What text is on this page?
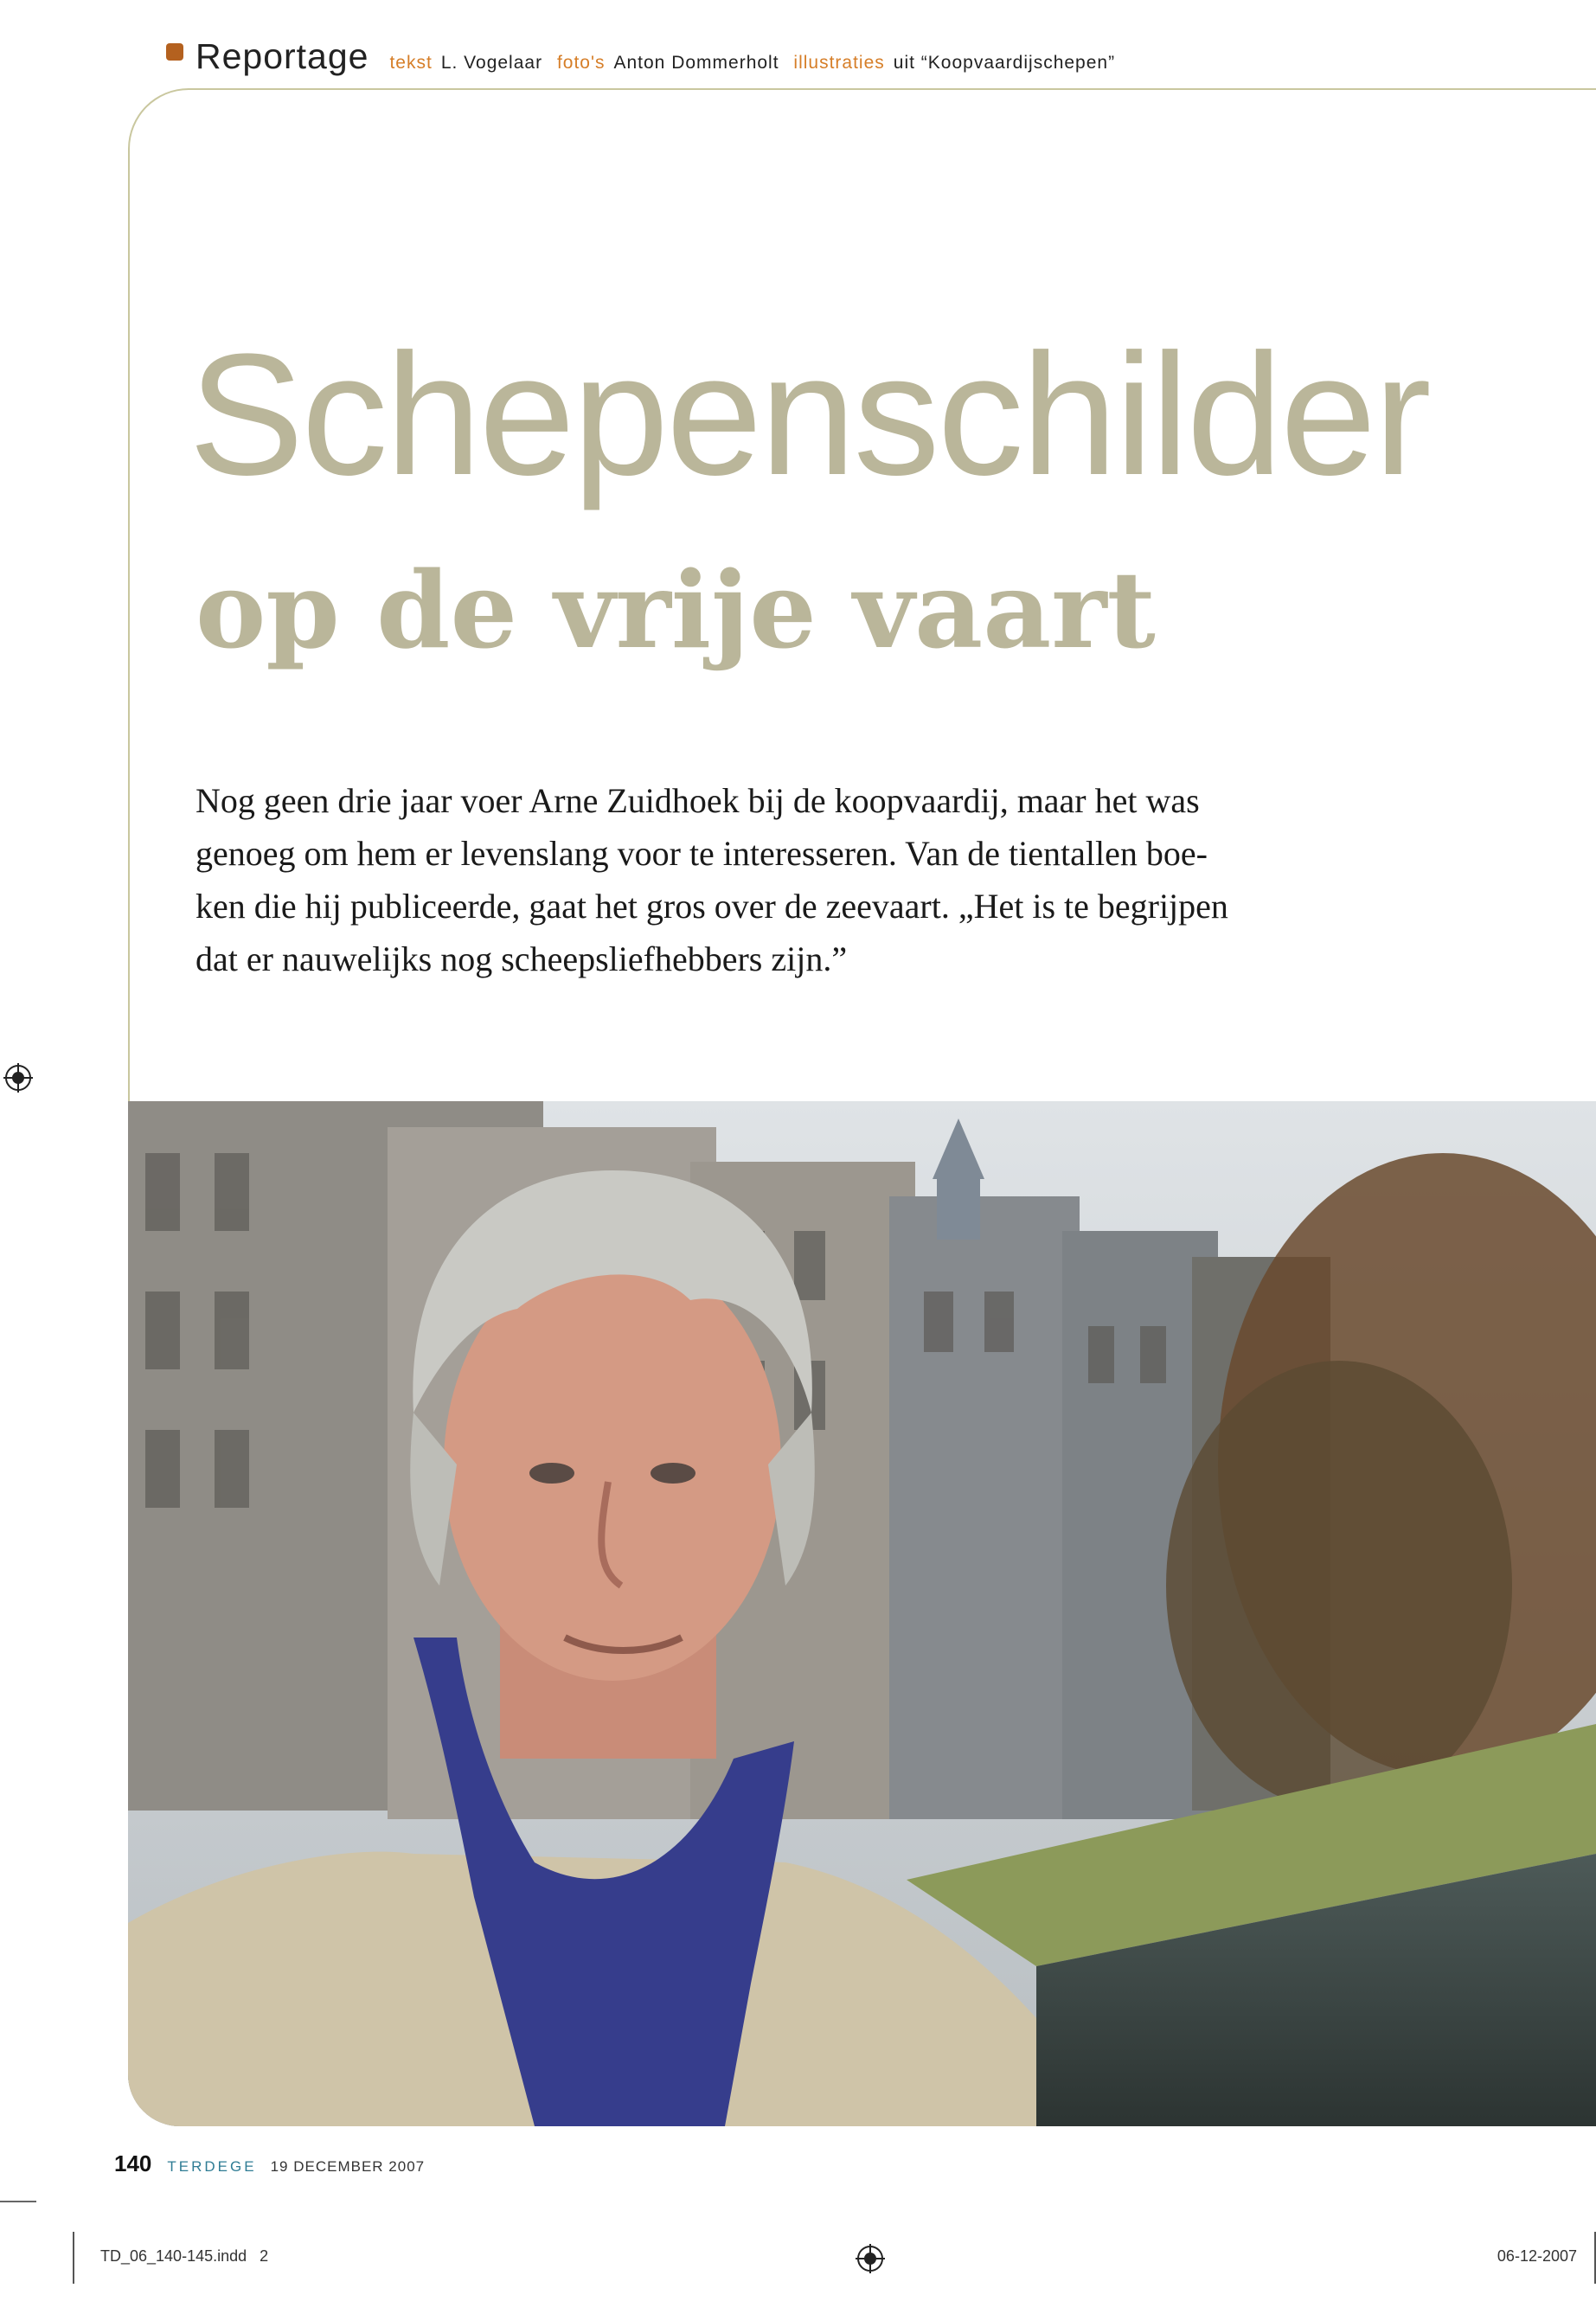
Reportage tekst L. Vogelaar foto's Anton Dommerholt illustraties uit “Koopvaardijschepen”
Schepenschilder
op de vrije vaart
Nog geen drie jaar voer Arne Zuidhoek bij de koopvaardij, maar het was
genoeg om hem er levenslang voor te interesseren. Van de tientallen boe-
ken die hij publiceerde, gaat het gros over de zeevaart. „Het is te begrijpen
dat er nauwelijks nog scheepsliefhebbers zijn.”
140 TERDEGE 19 DECEMBER 2007
TD_06_140-145.indd   2	06-12-2007
